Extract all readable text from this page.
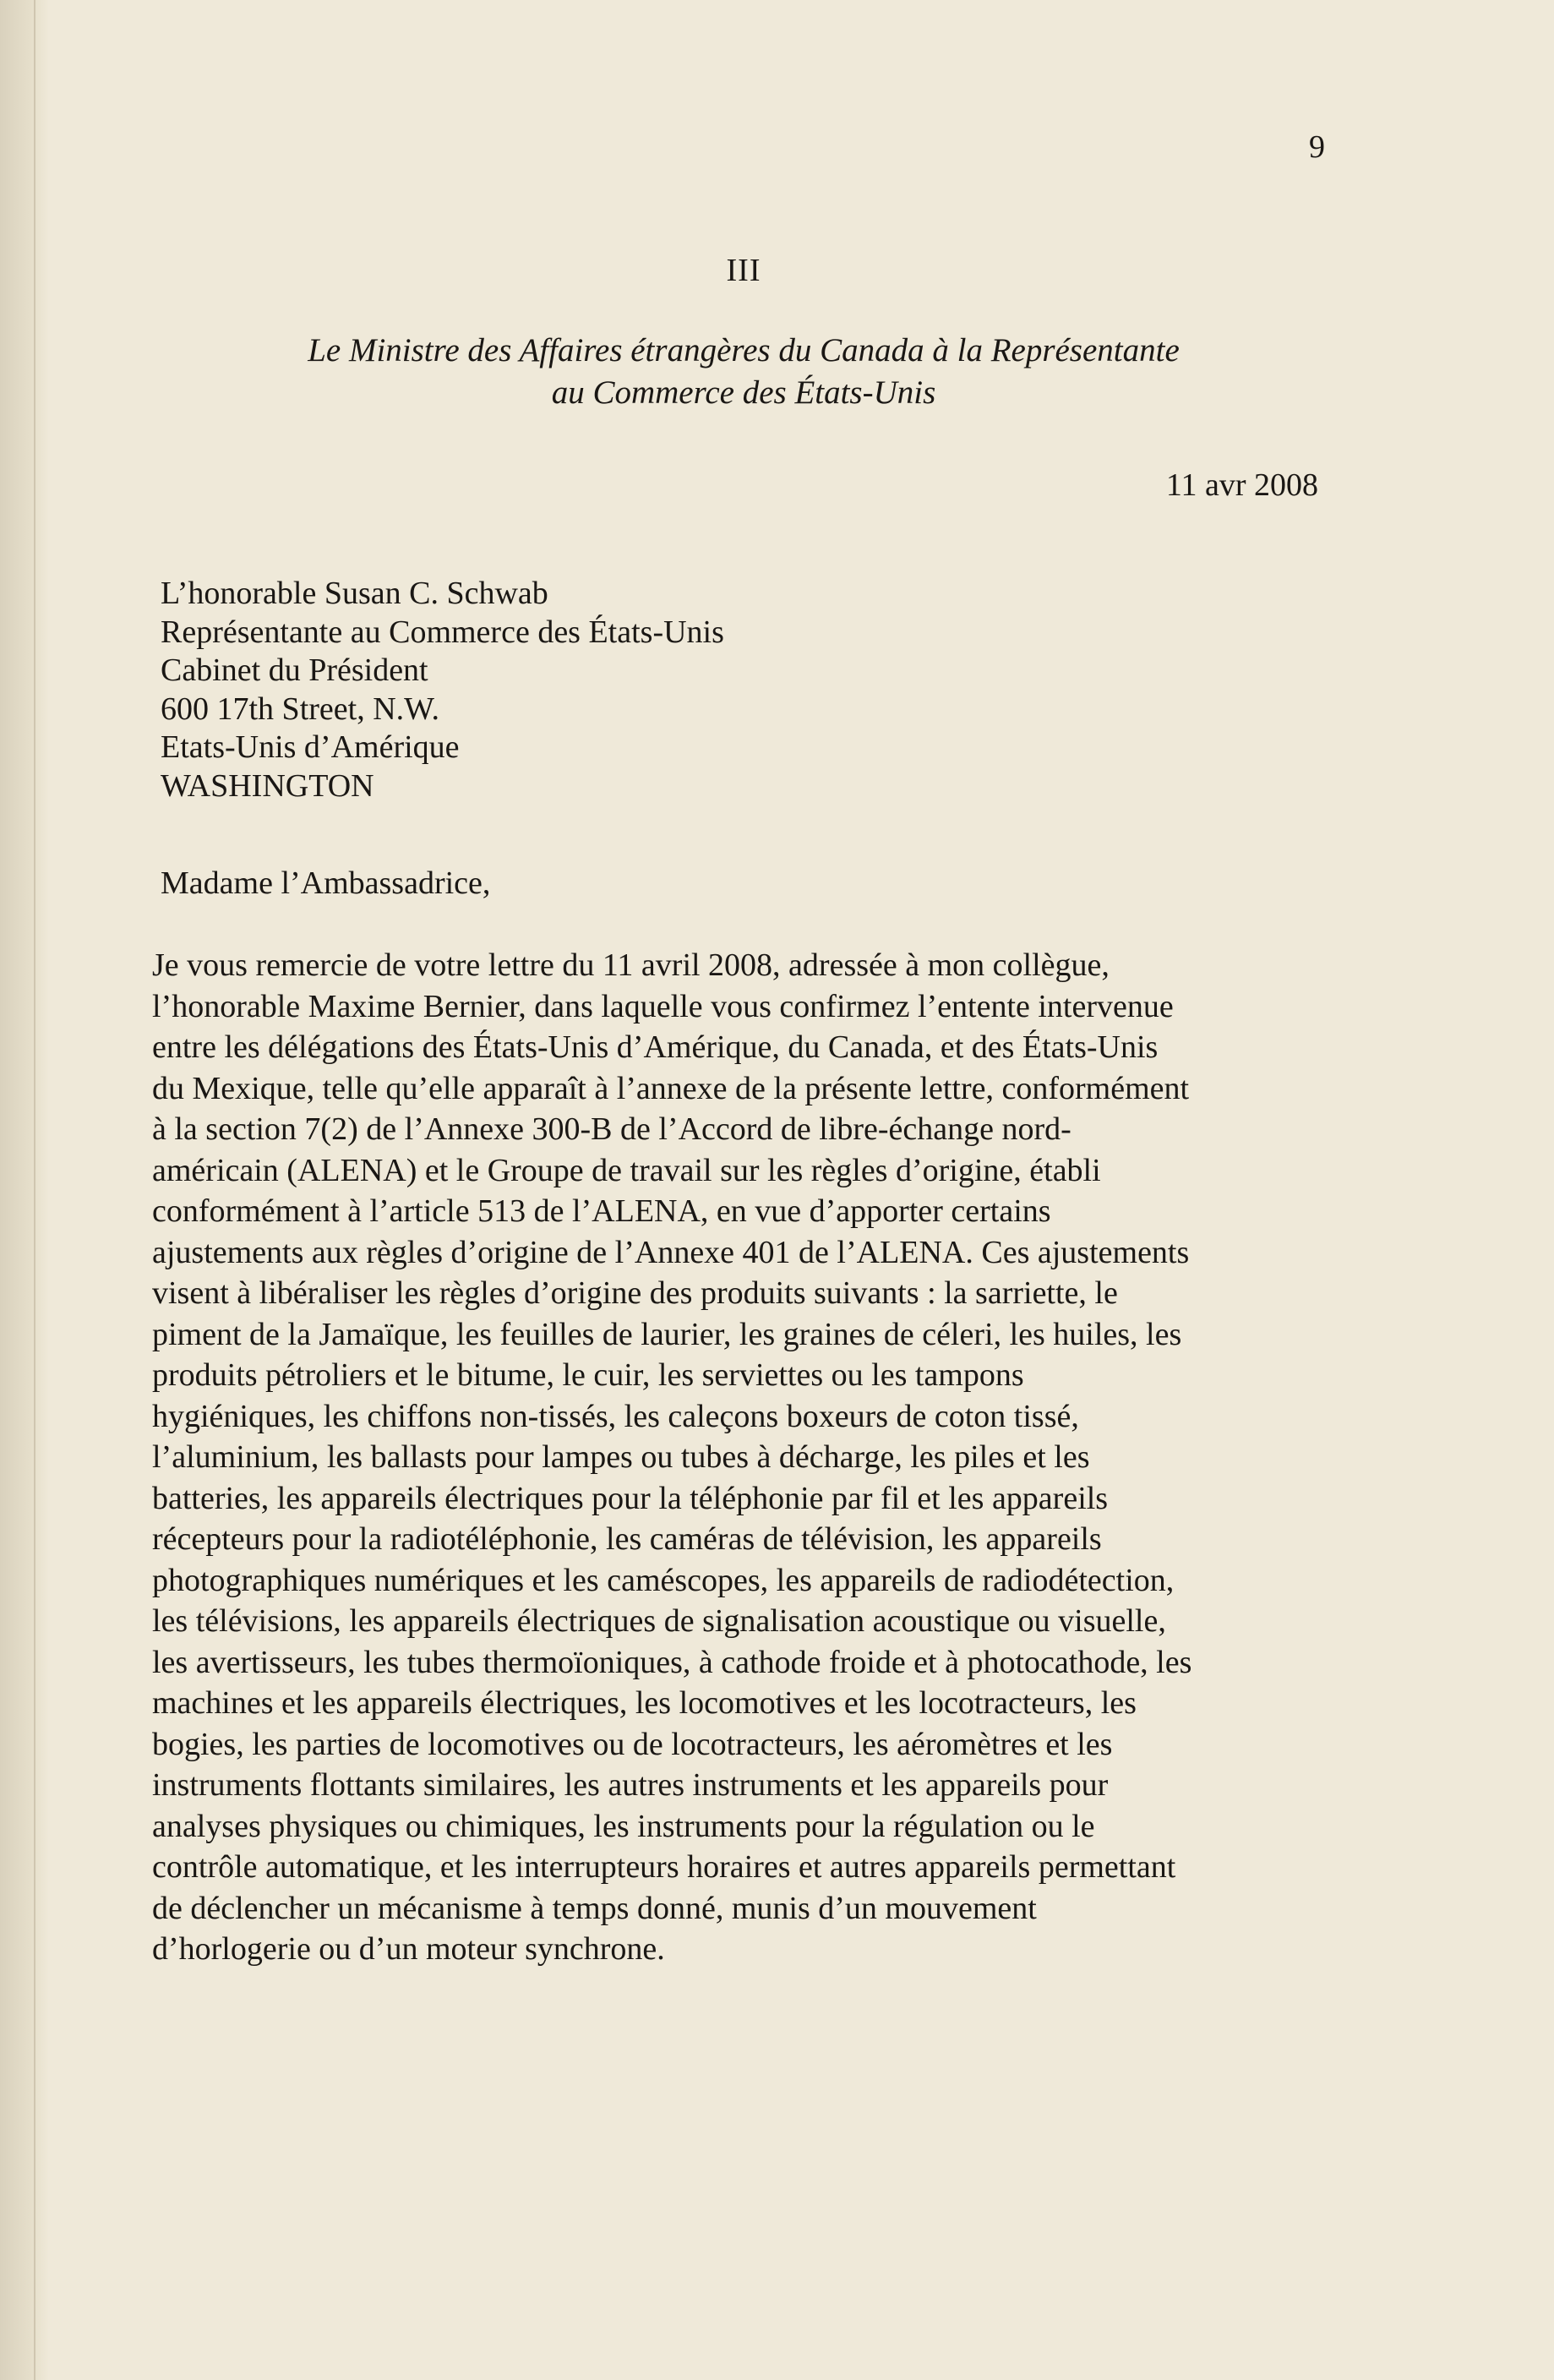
9
III
Le Ministre des Affaires étrangères du Canada à la Représentante
au Commerce des États-Unis
11 avr 2008
L’honorable Susan C. Schwab
Représentante au Commerce des États-Unis
Cabinet du Président
600 17th Street, N.W.
Etats-Unis d’Amérique
WASHINGTON
Madame l’Ambassadrice,
Je vous remercie de votre lettre du 11 avril 2008, adressée à mon collègue,
l’honorable Maxime Bernier, dans laquelle vous confirmez l’entente intervenue
entre les délégations des États-Unis d’Amérique, du Canada, et des États-Unis
du Mexique, telle qu’elle apparaît à l’annexe de la présente lettre, conformément
à la section 7(2) de l’Annexe 300-B de l’Accord de libre-échange nord-
américain (ALENA) et le Groupe de travail sur les règles d’origine, établi
conformément à l’article 513 de l’ALENA, en vue d’apporter certains
ajustements aux règles d’origine de l’Annexe 401 de l’ALENA. Ces ajustements
visent à libéraliser les règles d’origine des produits suivants : la sarriette, le
piment de la Jamaïque, les feuilles de laurier, les graines de céleri, les huiles, les
produits pétroliers et le bitume, le cuir, les serviettes ou les tampons
hygiéniques, les chiffons non-tissés, les caleçons boxeurs de coton tissé,
l’aluminium, les ballasts pour lampes ou tubes à décharge, les piles et les
batteries, les appareils électriques pour la téléphonie par fil et les appareils
récepteurs pour la radiotéléphonie, les caméras de télévision, les appareils
photographiques numériques et les caméscopes, les appareils de radiodétection,
les télévisions, les appareils électriques de signalisation acoustique ou visuelle,
les avertisseurs, les tubes thermoïoniques, à cathode froide et à photocathode, les
machines et les appareils électriques, les locomotives et les locotracteurs, les
bogies, les parties de locomotives ou de locotracteurs, les aéromètres et les
instruments flottants similaires, les autres instruments et les appareils pour
analyses physiques ou chimiques, les instruments pour la régulation ou le
contrôle automatique, et les interrupteurs horaires et autres appareils permettant
de déclencher un mécanisme à temps donné, munis d’un mouvement
d’horlogerie ou d’un moteur synchrone.
